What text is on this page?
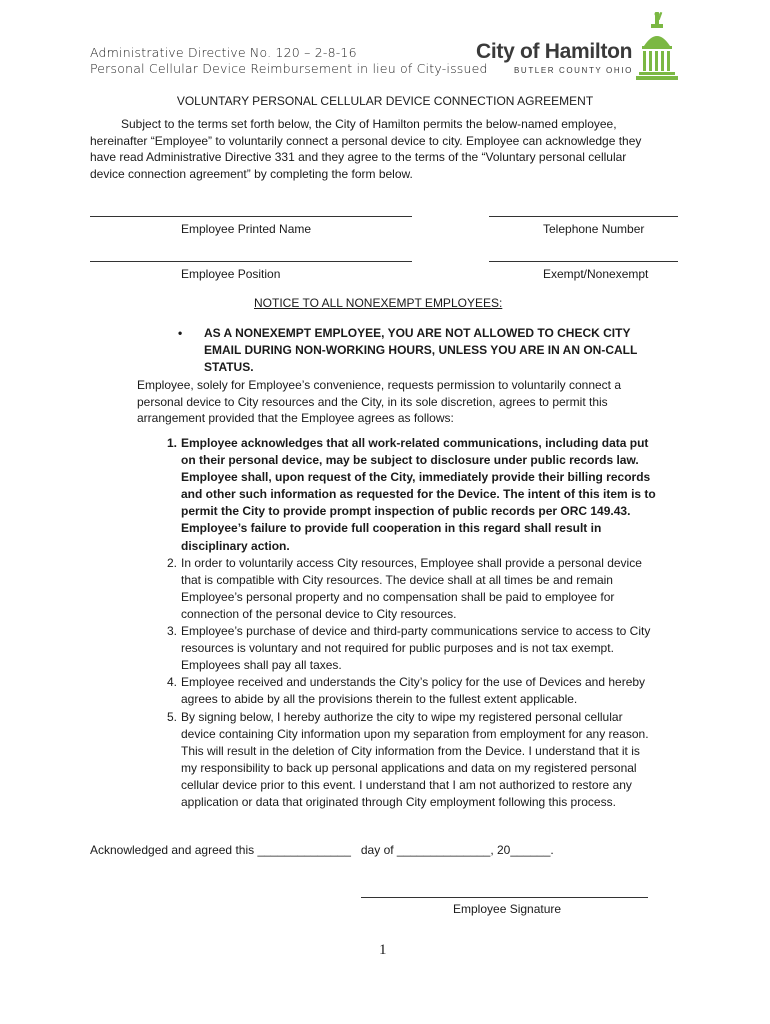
Administrative Directive No. 120 – 2-8-16
Personal Cellular Device Reimbursement in lieu of City-issued
City of Hamilton
BUTLER COUNTY OHIO
VOLUNTARY PERSONAL CELLULAR DEVICE CONNECTION AGREEMENT
Subject to the terms set forth below, the City of Hamilton permits the below-named employee,
hereinafter “Employee” to voluntarily connect a personal device to city. Employee can acknowledge they
have read Administrative Directive 331 and they agree to the terms of the “Voluntary personal cellular
device connection agreement” by completing the form below.
Employee Printed Name	Telephone Number
Employee Position	Exempt/Nonexempt
NOTICE TO ALL NONEXEMPT EMPLOYEES:
• AS A NONEXEMPT EMPLOYEE, YOU ARE NOT ALLOWED TO CHECK CITY
EMAIL DURING NON-WORKING HOURS, UNLESS YOU ARE IN AN ON-CALL
STATUS.
Employee, solely for Employee’s convenience, requests permission to voluntarily connect a
personal device to City resources and the City, in its sole discretion, agrees to permit this
arrangement provided that the Employee agrees as follows:
1. Employee acknowledges that all work-related communications, including data put
on their personal device, may be subject to disclosure under public records law.
Employee shall, upon request of the City, immediately provide their billing records
and other such information as requested for the Device. The intent of this item is to
permit the City to provide prompt inspection of public records per ORC 149.43.
Employee’s failure to provide full cooperation in this regard shall result in
disciplinary action.
2. In order to voluntarily access City resources, Employee shall provide a personal device
that is compatible with City resources. The device shall at all times be and remain
Employee’s personal property and no compensation shall be paid to employee for
connection of the personal device to City resources.
3. Employee’s purchase of device and third-party communications service to access to City
resources is voluntary and not required for public purposes and is not tax exempt.
Employees shall pay all taxes.
4. Employee received and understands the City’s policy for the use of Devices and hereby
agrees to abide by all the provisions therein to the fullest extent applicable.
5. By signing below, I hereby authorize the city to wipe my registered personal cellular
device containing City information upon my separation from employment for any reason.
This will result in the deletion of City information from the Device. I understand that it is
my responsibility to back up personal applications and data on my registered personal
cellular device prior to this event. I understand that I am not authorized to restore any
application or data that originated through City employment following this process.
Acknowledged and agreed this ______________   day of ______________, 20______.
Employee Signature
1
